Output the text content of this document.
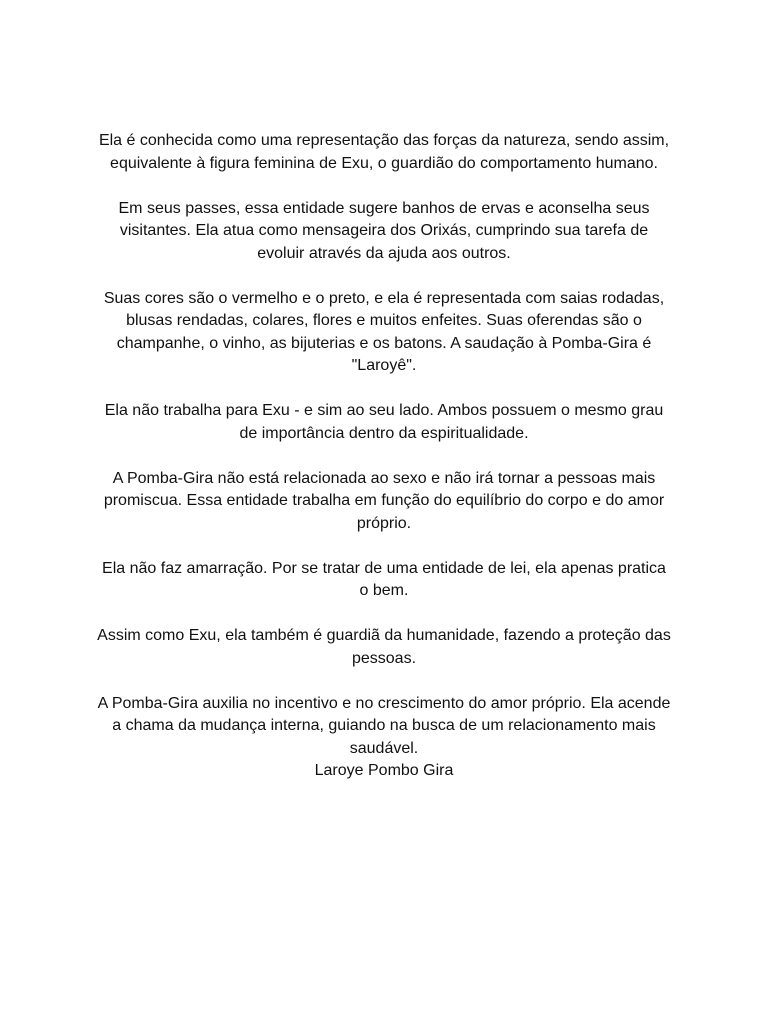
Ela é conhecida como uma representação das forças da natureza, sendo assim, equivalente à figura feminina de Exu, o guardião do comportamento humano.

Em seus passes, essa entidade sugere banhos de ervas e aconselha seus visitantes. Ela atua como mensageira dos Orixás, cumprindo sua tarefa de evoluir através da ajuda aos outros.

Suas cores são o vermelho e o preto, e ela é representada com saias rodadas, blusas rendadas, colares, flores e muitos enfeites. Suas oferendas são o champanhe, o vinho, as bijuterias e os batons. A saudação à Pomba-Gira é "Laroyê".

Ela não trabalha para Exu - e sim ao seu lado. Ambos possuem o mesmo grau de importância dentro da espiritualidade.

A Pomba-Gira não está relacionada ao sexo e não irá tornar a pessoas mais promiscua. Essa entidade trabalha em função do equilíbrio do corpo e do amor próprio.

Ela não faz amarração. Por se tratar de uma entidade de lei, ela apenas pratica o bem.

Assim como Exu, ela também é guardiã da humanidade, fazendo a proteção das pessoas.

A Pomba-Gira auxilia no incentivo e no crescimento do amor próprio. Ela acende a chama da mudança interna, guiando na busca de um relacionamento mais saudável.

Laroye Pombo Gira
